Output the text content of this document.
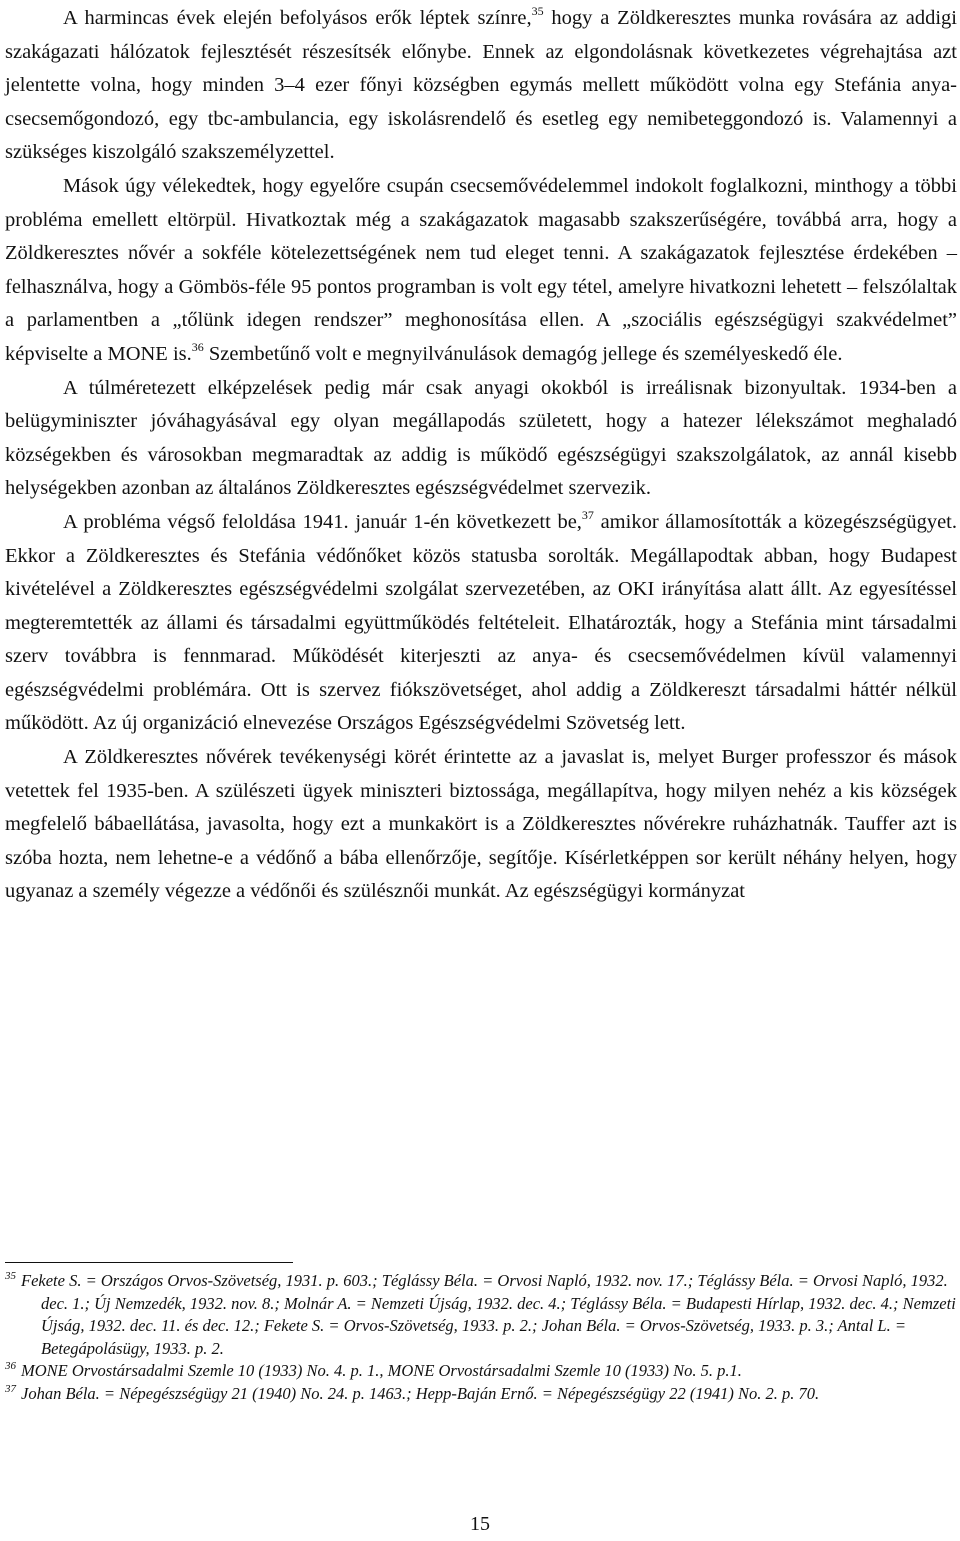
A harmincas évek elején befolyásos erők léptek színre,$^{35}$ hogy a Zöldkeresztes munka rovására az addigi szakágazati hálózatok fejlesztését részesítsék előnybe. Ennek az elgondolásnak következetes végrehajtása azt jelentette volna, hogy minden 3–4 ezer főnyi községben egymás mellett működött volna egy Stefánia anya-csecsemőgondozó, egy tbc-ambulancia, egy iskolásrendelő és esetleg egy nemibeteggondozó is. Valamennyi a szükséges kiszolgáló szakszemélyzettel.

Mások úgy vélekedtek, hogy egyelőre csupán csecsemővédelemmel indokolt foglalkozni, minthogy a többi probléma emellett eltörpül. Hivatkoztak még a szakágazatok magasabb szakszerűségére, továbbá arra, hogy a Zöldkeresztes nővér a sokféle kötelezettségének nem tud eleget tenni. A szakágazatok fejlesztése érdekében – felhasználva, hogy a Gömbös-féle 95 pontos programban is volt egy tétel, amelyre hivatkozni lehetett – felszólaltak a parlamentben a „tőlünk idegen rendszer” meghonosítása ellen. A „szociális egészségügyi szakvédelmet” képviselte a MONE is.$^{36}$ Szembetűnő volt e megnyilvánulások demagóg jellege és személyeskedő éle.

A túlméretezett elképzelések pedig már csak anyagi okokból is irreálisnak bizonyultak. 1934-ben a belügyminiszter jóváhagyásával egy olyan megállapodás született, hogy a hatezer lélekszámot meghaladó községekben és városokban megmaradtak az addig is működő egészségügyi szakszolgálatok, az annál kisebb helységekben azonban az általános Zöldkeresztes egészségvédelmet szervezik.

A probléma végső feloldása 1941. január 1-én következett be,$^{37}$ amikor államosították a közegészségügyet. Ekkor a Zöldkeresztes és Stefánia védőnőket közös statusba sorolták. Megállapodtak abban, hogy Budapest kivételével a Zöldkeresztes egészségvédelmi szolgálat szervezetében, az OKI irányítása alatt állt. Az egyesítéssel megteremtették az állami és társadalmi együttműködés feltételeit. Elhatározták, hogy a Stefánia mint társadalmi szerv továbbra is fennmarad. Működését kiterjeszti az anya- és csecsemővédelmen kívül valamennyi egészségvédelmi problémára. Ott is szervez fiókszövetséget, ahol addig a Zöldkereszt társadalmi háttér nélkül működött. Az új organizáció elnevezése Országos Egészségvédelmi Szövetség lett.

A Zöldkeresztes nővérek tevékenységi körét érintette az a javaslat is, melyet Burger professzor és mások vetettek fel 1935-ben. A szülészeti ügyek miniszteri biztossága, megállapítva, hogy milyen nehéz a kis községek megfelelő bábaellátása, javasolta, hogy ezt a munkakört is a Zöldkeresztes nővérekre ruházhatnák. Tauffer azt is szóba hozta, nem lehetne-e a védőnő a bába ellenőrzője, segítője. Kísérletképpen sor került néhány helyen, hogy ugyanaz a személy végezze a védőnői és szülésznői munkát. Az egészségügyi kormányzat

35 Fekete S. = Országos Orvos-Szövetség, 1931. p. 603.; Téglássy Béla. = Orvosi Napló, 1932. nov. 17.; Téglássy Béla. = Orvosi Napló, 1932. dec. 1.; Új Nemzedék, 1932. nov. 8.; Molnár A. = Nemzeti Újság, 1932. dec. 4.; Téglássy Béla. = Budapesti Hírlap, 1932. dec. 4.; Nemzeti Újság, 1932. dec. 11. és dec. 12.; Fekete S. = Orvos-Szövetség, 1933. p. 2.; Johan Béla. = Orvos-Szövetség, 1933. p. 3.; Antal L. = Betegápolásügy, 1933. p. 2.

36 MONE Orvostársadalmi Szemle 10 (1933) No. 4. p. 1., MONE Orvostársadalmi Szemle 10 (1933) No. 5. p.1.

37 Johan Béla. = Népegészségügy 21 (1940) No. 24. p. 1463.; Hepp-Baján Ernő. = Népegészségügy 22 (1941) No. 2. p. 70.

15
